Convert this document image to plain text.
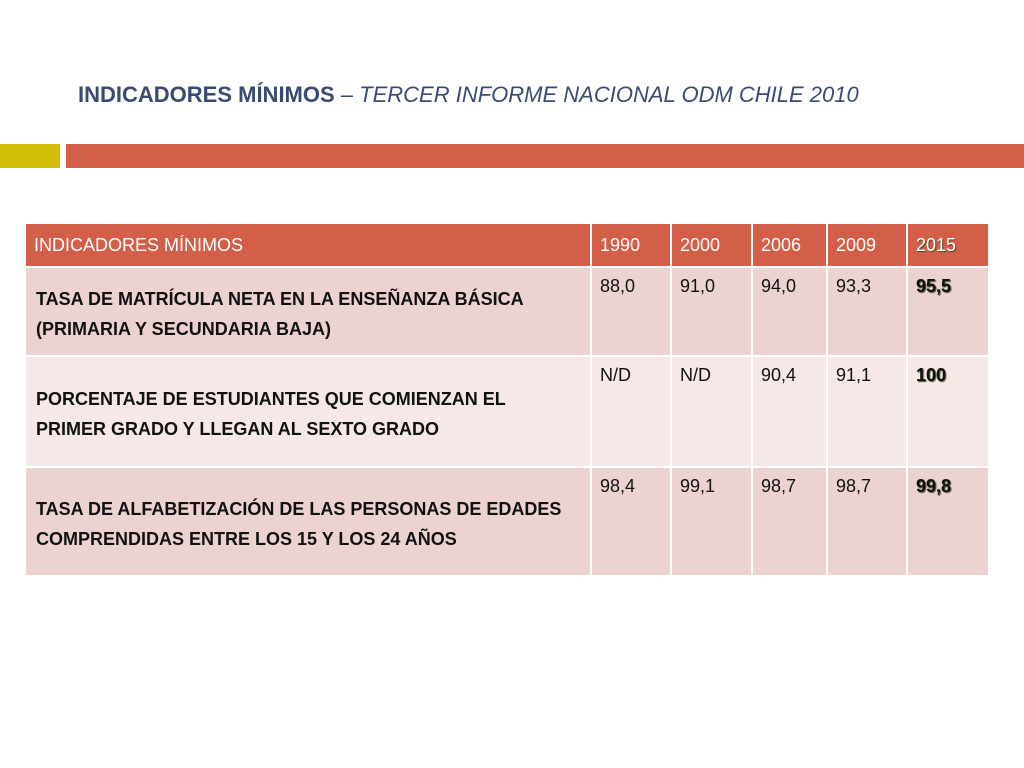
INDICADORES MÍNIMOS – TERCER INFORME NACIONAL ODM CHILE 2010
INDICADORES MÍNIMOS	1990	2000	2006	2009	2015
TASA DE MATRÍCULA NETA EN LA ENSEÑANZA BÁSICA (PRIMARIA Y SECUNDARIA BAJA)	88,0	91,0	94,0	93,3	95,5
PORCENTAJE DE ESTUDIANTES QUE COMIENZAN EL PRIMER GRADO Y LLEGAN AL SEXTO GRADO	N/D	N/D	90,4	91,1	100
TASA DE ALFABETIZACIÓN DE LAS PERSONAS DE EDADES COMPRENDIDAS ENTRE LOS 15 Y LOS 24 AÑOS	98,4	99,1	98,7	98,7	99,8
